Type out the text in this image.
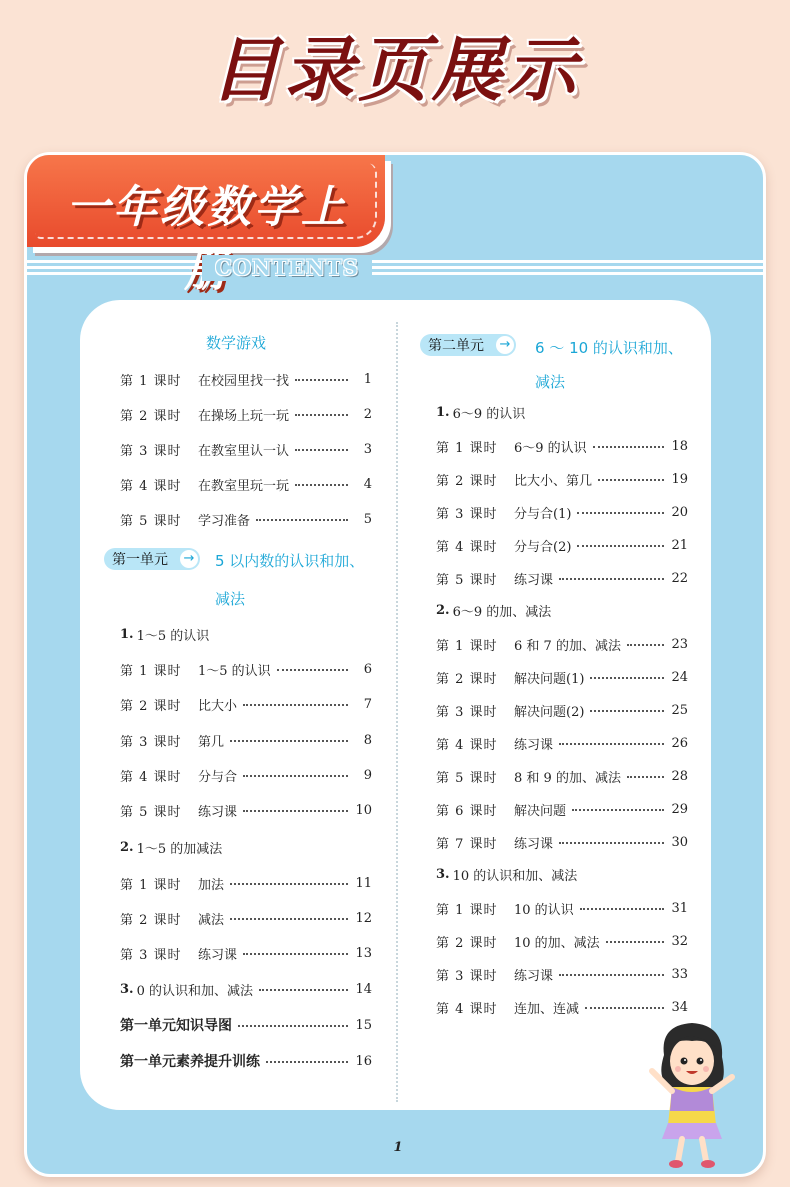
目录页展示
一年级数学上
CONTENTS
数学游戏
第 1 课时	在校园里找一找	1
第 2 课时	在操场上玩一玩	2
第 3 课时	在教室里认一认	3
第 4 课时	在教室里玩一玩	4
第 5 课时	学习准备	5
第一单元 → 5 以内数的认识和加、
减法
1. 1～5 的认识
第 1 课时	1～5 的认识	6
第 2 课时	比大小	7
第 3 课时	第几	8
第 4 课时	分与合	9
第 5 课时	练习课	10
2. 1～5 的加减法
第 1 课时	加法	11
第 2 课时	减法	12
第 3 课时	练习课	13
3. 0 的认识和加、减法	14
第一单元知识导图	15
第一单元素养提升训练	16
第二单元 → 6 ～ 10 的认识和加、
减法
1. 6～9 的认识
第 1 课时	6～9 的认识	18
第 2 课时	比大小、第几	19
第 3 课时	分与合(1)	20
第 4 课时	分与合(2)	21
第 5 课时	练习课	22
2. 6～9 的加、减法
第 1 课时	6 和 7 的加、减法	23
第 2 课时	解决问题(1)	24
第 3 课时	解决问题(2)	25
第 4 课时	练习课	26
第 5 课时	8 和 9 的加、减法	28
第 6 课时	解决问题	29
第 7 课时	练习课	30
3. 10 的认识和加、减法
第 1 课时	10 的认识	31
第 2 课时	10 的加、减法	32
第 3 课时	练习课	33
第 4 课时	连加、连减	34
1
